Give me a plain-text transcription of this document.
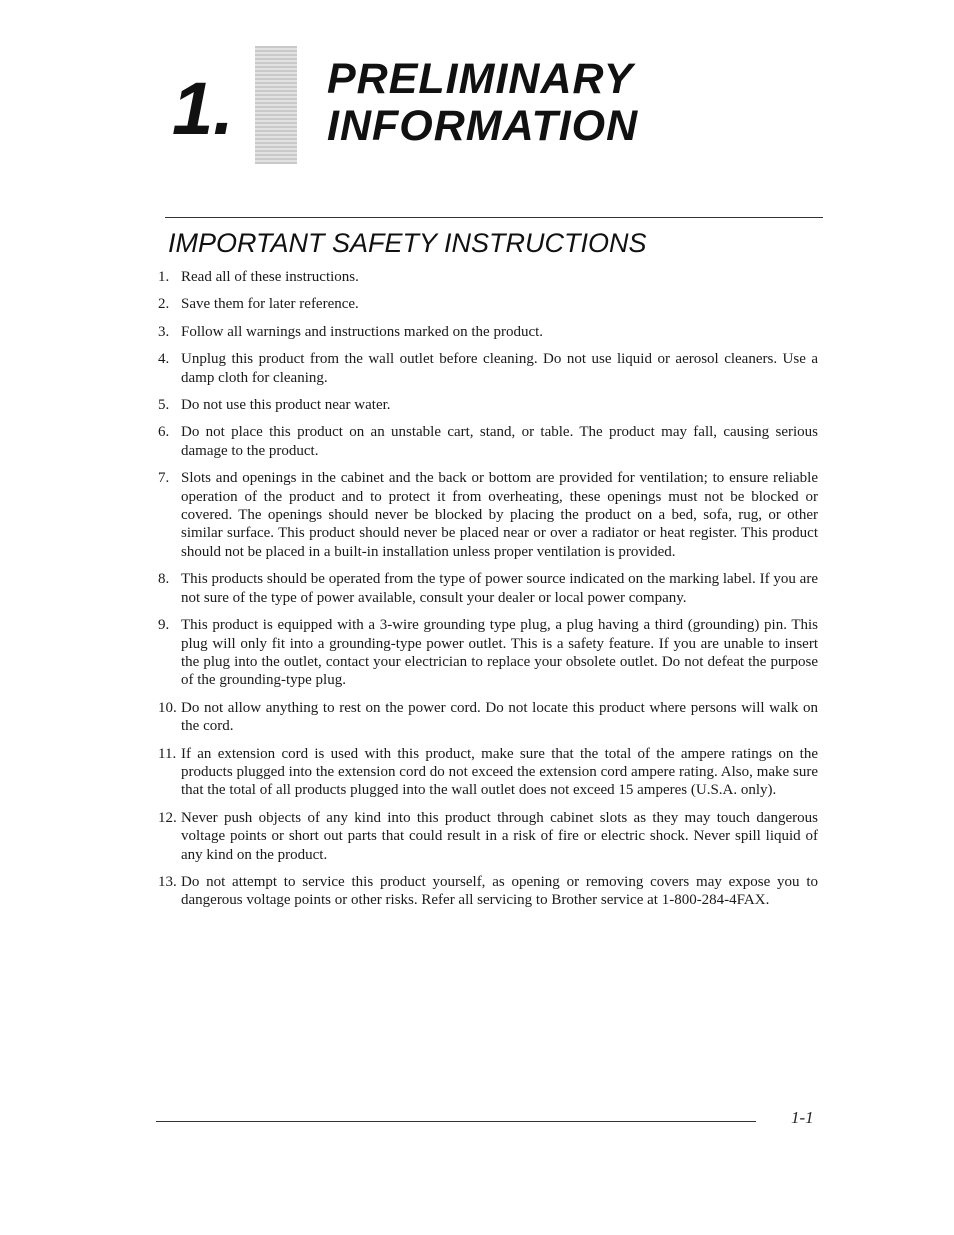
1. PRELIMINARY
INFORMATION
IMPORTANT SAFETY INSTRUCTIONS
1. Read all of these instructions.
2. Save them for later reference.
3. Follow all warnings and instructions marked on the product.
4. Unplug this product from the wall outlet before cleaning. Do not use liquid or aerosol cleaners. Use a damp cloth for cleaning.
5. Do not use this product near water.
6. Do not place this product on an unstable cart, stand, or table. The product may fall, causing serious damage to the product.
7. Slots and openings in the cabinet and the back or bottom are provided for ventilation; to ensure reliable operation of the product and to protect it from overheating, these openings must not be blocked or covered. The openings should never be blocked by placing the product on a bed, sofa, rug, or other similar surface. This product should never be placed near or over a radiator or heat register. This product should not be placed in a built-in installation unless proper ventilation is provided.
8. This products should be operated from the type of power source indicated on the marking label. If you are not sure of the type of power available, consult your dealer or local power company.
9. This product is equipped with a 3-wire grounding type plug, a plug having a third (grounding) pin. This plug will only fit into a grounding-type power outlet. This is a safety feature. If you are unable to insert the plug into the outlet, contact your electrician to replace your obsolete outlet. Do not defeat the purpose of the grounding-type plug.
10. Do not allow anything to rest on the power cord. Do not locate this product where persons will walk on the cord.
11. If an extension cord is used with this product, make sure that the total of the ampere ratings on the products plugged into the extension cord do not exceed the extension cord ampere rating. Also, make sure that the total of all products plugged into the wall outlet does not exceed 15 amperes (U.S.A. only).
12. Never push objects of any kind into this product through cabinet slots as they may touch dangerous voltage points or short out parts that could result in a risk of fire or electric shock. Never spill liquid of any kind on the product.
13. Do not attempt to service this product yourself, as opening or removing covers may expose you to dangerous voltage points or other risks. Refer all servicing to Brother service at 1-800-284-4FAX.
1-1
